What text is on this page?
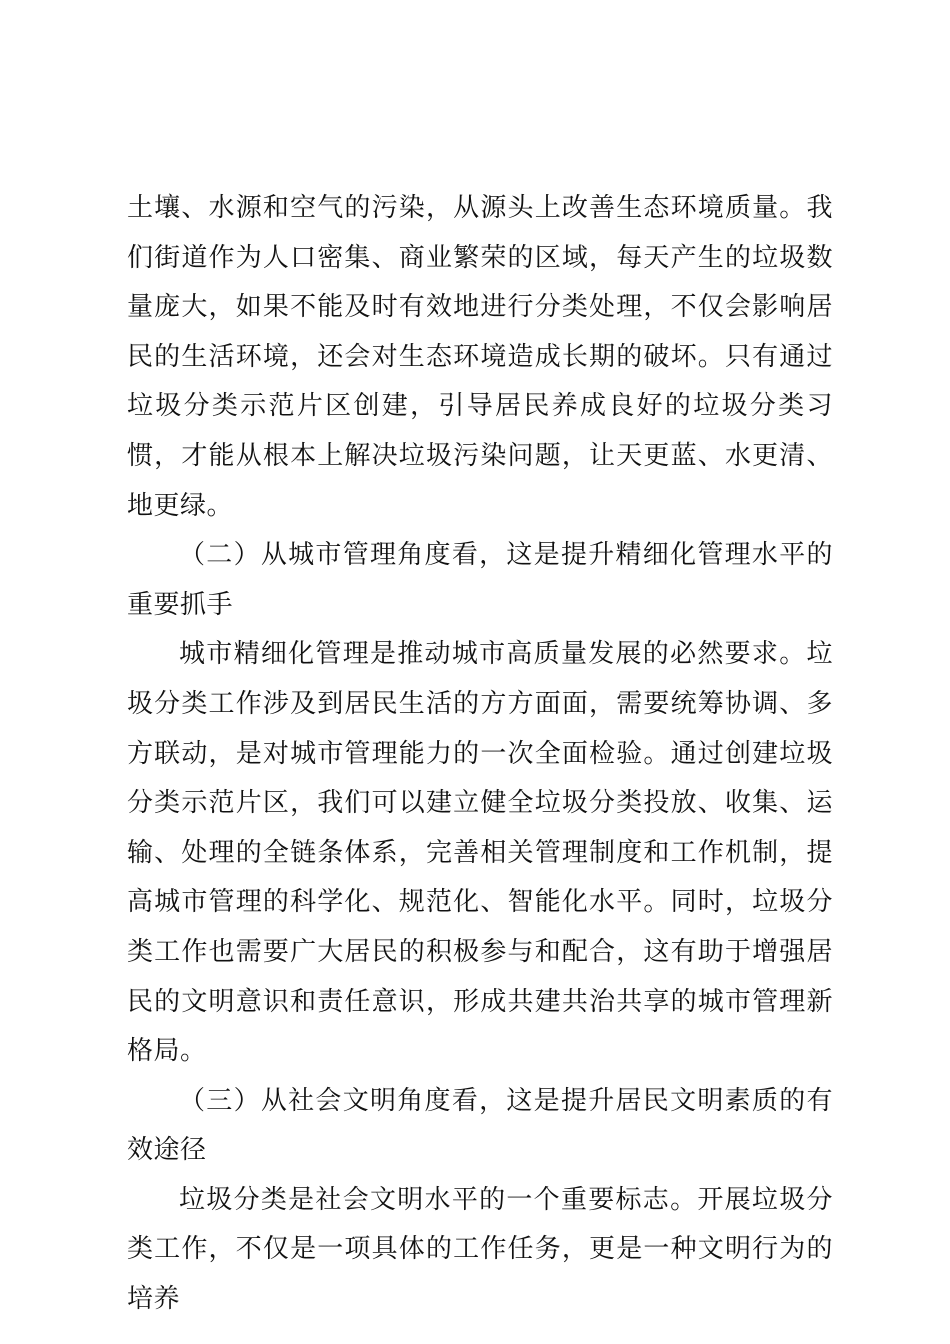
土壤、水源和空气的污染，从源头上改善生态环境质量。我们街道作为人口密集、商业繁荣的区域，每天产生的垃圾数量庞大，如果不能及时有效地进行分类处理，不仅会影响居民的生活环境，还会对生态环境造成长期的破坏。只有通过垃圾分类示范片区创建，引导居民养成良好的垃圾分类习惯，才能从根本上解决垃圾污染问题，让天更蓝、水更清、地更绿。

（二）从城市管理角度看，这是提升精细化管理水平的重要抓手

城市精细化管理是推动城市高质量发展的必然要求。垃圾分类工作涉及到居民生活的方方面面，需要统筹协调、多方联动，是对城市管理能力的一次全面检验。通过创建垃圾分类示范片区，我们可以建立健全垃圾分类投放、收集、运输、处理的全链条体系，完善相关管理制度和工作机制，提高城市管理的科学化、规范化、智能化水平。同时，垃圾分类工作也需要广大居民的积极参与和配合，这有助于增强居民的文明意识和责任意识，形成共建共治共享的城市管理新格局。

（三）从社会文明角度看，这是提升居民文明素质的有效途径

垃圾分类是社会文明水平的一个重要标志。开展垃圾分类工作，不仅是一项具体的工作任务，更是一种文明行为的培养
